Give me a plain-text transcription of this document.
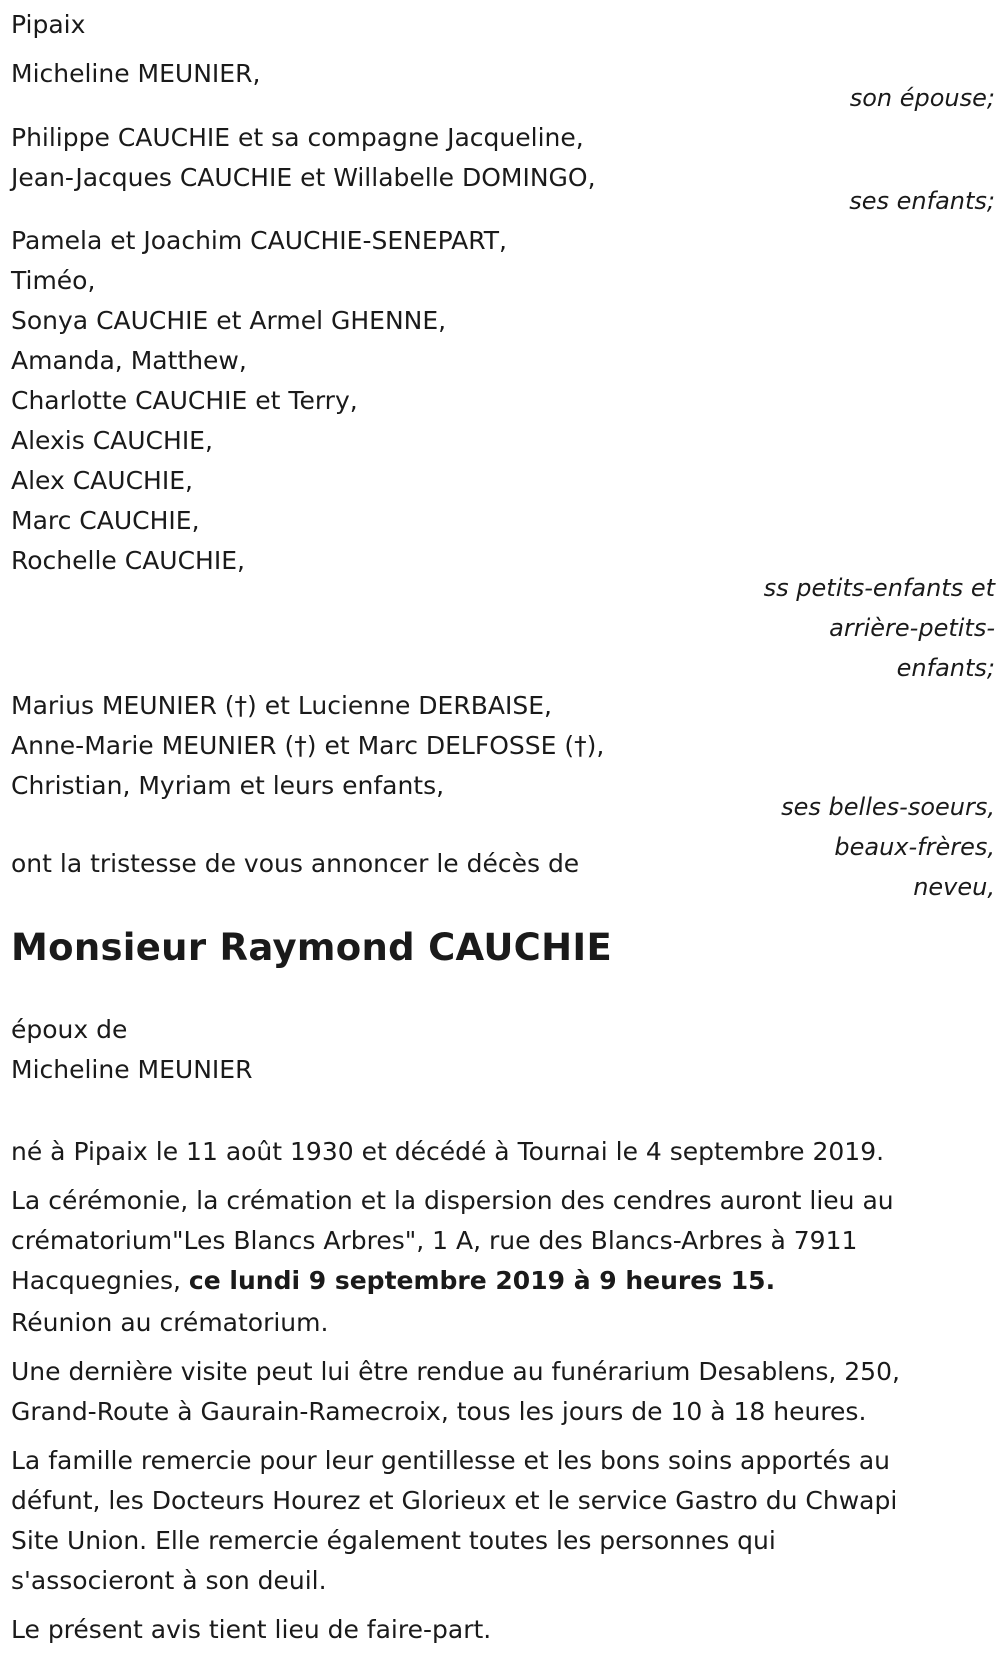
Pipaix
Micheline MEUNIER,
son épouse;
Philippe CAUCHIE et sa compagne Jacqueline,
Jean-Jacques CAUCHIE et Willabelle DOMINGO,
ses enfants;
Pamela et Joachim CAUCHIE-SENEPART,
Timéo,
Sonya CAUCHIE et Armel GHENNE,
Amanda, Matthew,
Charlotte CAUCHIE et Terry,
Alexis CAUCHIE,
Alex CAUCHIE,
Marc CAUCHIE,
Rochelle CAUCHIE,
ss petits-enfants et
arrière-petits-
enfants;
Marius MEUNIER (†) et Lucienne DERBAISE,
Anne-Marie MEUNIER (†) et Marc DELFOSSE (†),
Christian, Myriam et leurs enfants,
ses belles-soeurs,
beaux-frères,
neveu,
ont la tristesse de vous annoncer le décès de
Monsieur Raymond CAUCHIE
époux de
Micheline MEUNIER
né à Pipaix le 11 août 1930 et décédé à Tournai le 4 septembre 2019.
La cérémonie, la crémation et la dispersion des cendres auront lieu au
crématorium"Les Blancs Arbres", 1 A, rue des Blancs-Arbres à 7911
Hacquegnies, ce lundi 9 septembre 2019 à 9 heures 15.
Réunion au crématorium.
Une dernière visite peut lui être rendue au funérarium Desablens, 250,
Grand-Route à Gaurain-Ramecroix, tous les jours de 10 à 18 heures.
La famille remercie pour leur gentillesse et les bons soins apportés au
défunt, les Docteurs Hourez et Glorieux et le service Gastro du Chwapi
Site Union. Elle remercie également toutes les personnes qui
s'associeront à son deuil.
Le présent avis tient lieu de faire-part.
